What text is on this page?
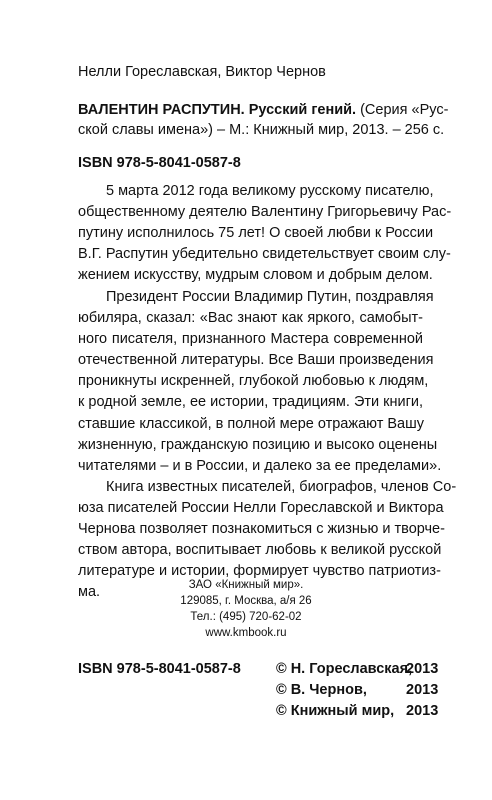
Нелли Гореславская, Виктор Чернов
ВАЛЕНТИН РАСПУТИН. Русский гений. (Серия «Рус-
ской славы имена») – М.: Книжный мир, 2013. – 256 с.
ISBN 978-5-8041-0587-8
5 марта 2012 года великому русскому писателю,
общественному деятелю Валентину Григорьевичу Рас-
путину исполнилось 75 лет! О своей любви к России
В.Г. Распутин убедительно свидетельствует своим слу-
жением искусству, мудрым словом и добрым делом.
Президент России Владимир Путин, поздравляя
юбиляра, сказал: «Вас знают как яркого, самобыт-
ного писателя, признанного Мастера современной
отечественной литературы. Все Ваши произведения
проникнуты искренней, глубокой любовью к людям,
к родной земле, ее истории, традициям. Эти книги,
ставшие классикой, в полной мере отражают Вашу
жизненную, гражданскую позицию и высоко оценены
читателями – и в России, и далеко за ее пределами».
Книга известных писателей, биографов, членов Со-
юза писателей России Нелли Гореславской и Виктора
Чернова позволяет познакомиться с жизнью и творче-
ством автора, воспитывает любовь к великой русской
литературе и истории, формирует чувство патриотиз-
ма.	ЗАО «Книжный мир».
129085, г. Москва, а/я 26
Тел.: (495) 720-62-02
www.kmbook.ru
ISBN 978-5-8041-0587-8 © Н. Гореславская,
2013
© В. Чернов,	2013
© Книжный мир, 2013
